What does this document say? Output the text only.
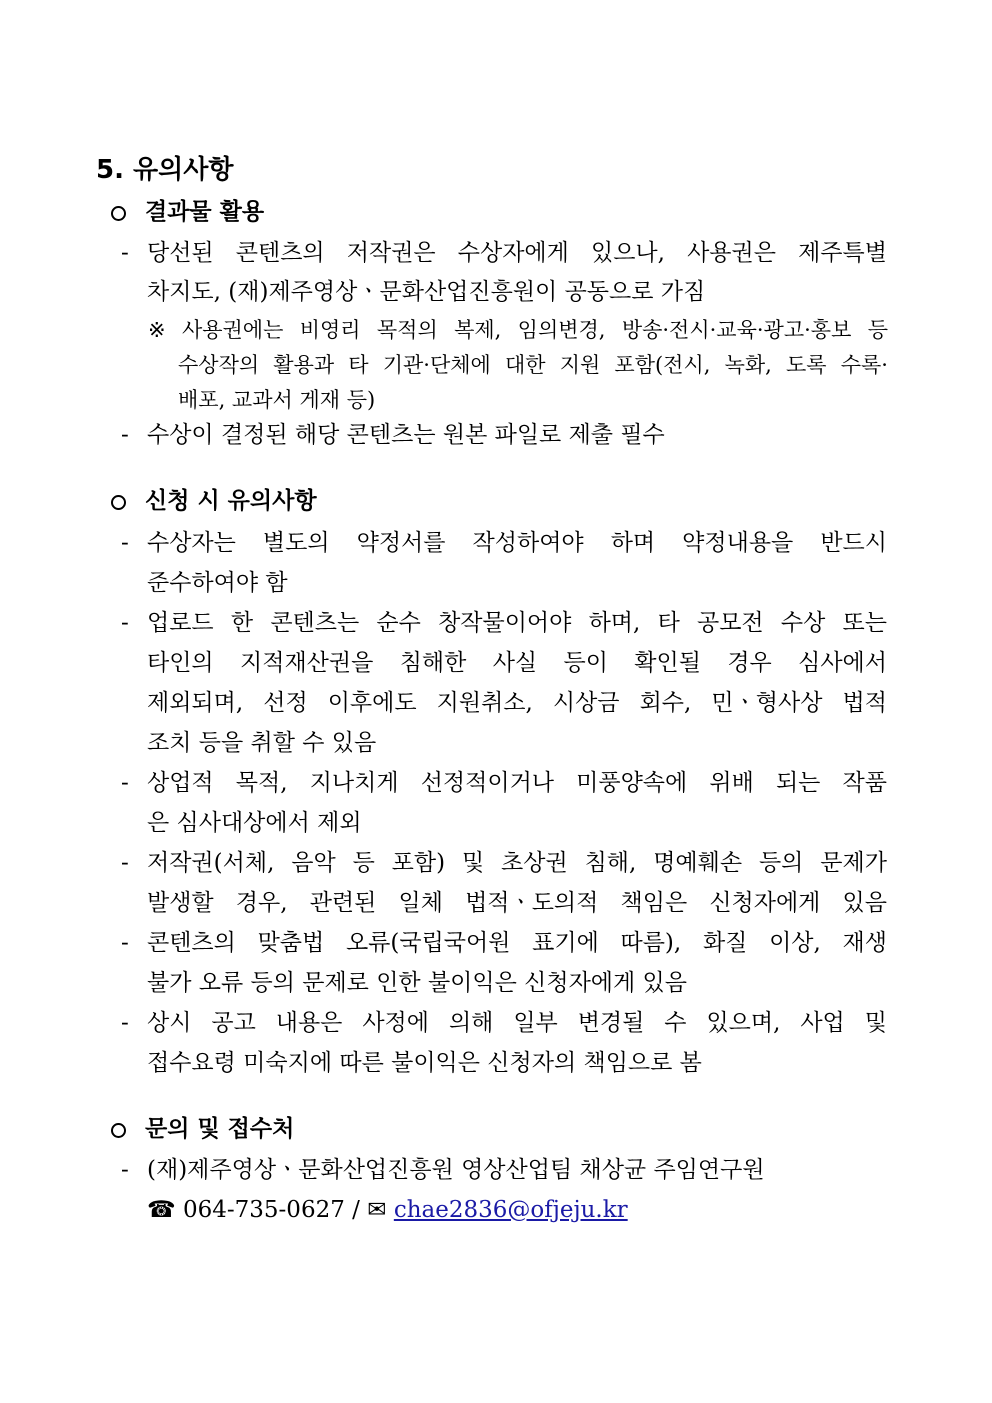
5. 유의사항
결과물 활용
- 당선된 콘텐츠의 저작권은 수상자에게 있으나, 사용권은 제주특별
차지도, (재)제주영상ㆍ문화산업진흥원이 공동으로 가짐
※ 사용권에는 비영리 목적의 복제, 임의변경, 방송·전시·교육·광고·홍보 등
수상작의 활용과 타 기관·단체에 대한 지원 포함(전시, 녹화, 도록 수록·
배포, 교과서 게재 등)
- 수상이 결정된 해당 콘텐츠는 원본 파일로 제출 필수
신청 시 유의사항
- 수상자는 별도의 약정서를 작성하여야 하며 약정내용을 반드시
준수하여야 함
- 업로드 한 콘텐츠는 순수 창작물이어야 하며, 타 공모전 수상 또는
타인의 지적재산권을 침해한 사실 등이 확인될 경우 심사에서
제외되며, 선정 이후에도 지원취소, 시상금 회수, 민ㆍ형사상 법적
조치 등을 취할 수 있음
- 상업적 목적, 지나치게 선정적이거나 미풍양속에 위배 되는 작품
은 심사대상에서 제외
- 저작권(서체, 음악 등 포함) 및 초상권 침해, 명예훼손 등의 문제가
발생할 경우, 관련된 일체 법적ㆍ도의적 책임은 신청자에게 있음
- 콘텐츠의 맞춤법 오류(국립국어원 표기에 따름), 화질 이상, 재생
불가 오류 등의 문제로 인한 불이익은 신청자에게 있음
- 상시 공고 내용은 사정에 의해 일부 변경될 수 있으며, 사업 및
접수요령 미숙지에 따른 불이익은 신청자의 책임으로 봄
문의 및 접수처
- (재)제주영상ㆍ문화산업진흥원 영상산업팀 채상균 주임연구원
☎ 064-735-0627 / ✉ chae2836@ofjeju.kr
